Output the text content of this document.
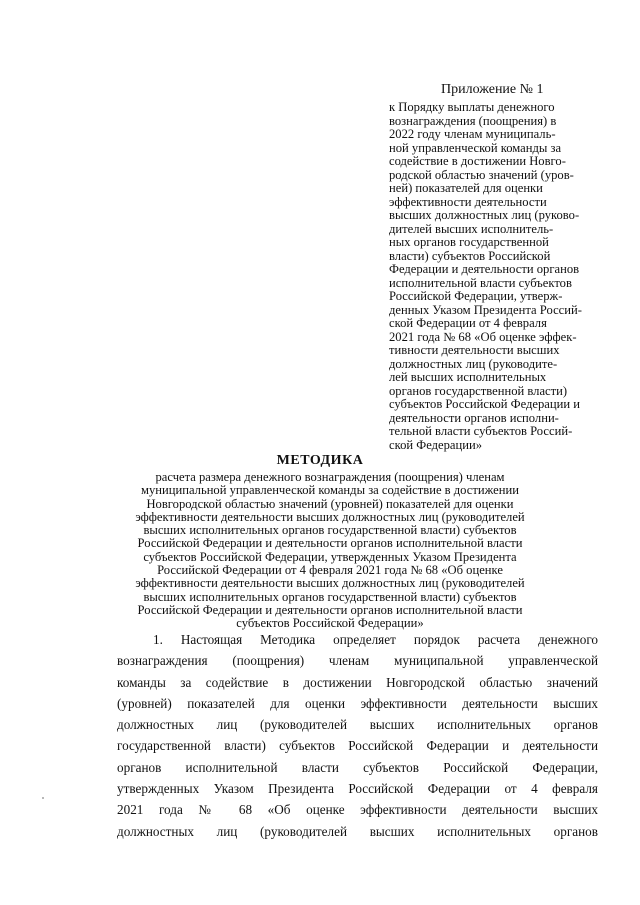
Приложение № 1
к Порядку выплаты денежного
вознаграждения (поощрения) в
2022 году членам муниципаль-
ной управленческой команды за
содействие в достижении Новго-
родской областью значений (уров-
ней) показателей для оценки
эффективности деятельности
высших должностных лиц (руково-
дителей высших исполнитель-
ных органов государственной
власти) субъектов Российской
Федерации и деятельности органов
исполнительной власти субъектов
Российской Федерации, утверж-
денных Указом Президента Россий-
ской Федерации от 4 февраля
2021 года № 68 «Об оценке эффек-
тивности деятельности высших
должностных лиц (руководите-
лей высших исполнительных
органов государственной власти)
субъектов Российской Федерации и
деятельности органов исполни-
тельной власти субъектов Россий-
ской Федерации»
МЕТОДИКА
расчета размера денежного вознаграждения (поощрения) членам
муниципальной управленческой команды за содействие в достижении
Новгородской областью значений (уровней) показателей для оценки
эффективности деятельности высших должностных лиц (руководителей
высших исполнительных органов государственной власти) субъектов
Российской Федерации и деятельности органов исполнительной власти
субъектов Российской Федерации, утвержденных Указом Президента
Российской Федерации от 4 февраля 2021 года № 68 «Об оценке
эффективности деятельности высших должностных лиц (руководителей
высших исполнительных органов государственной власти) субъектов
Российской Федерации и деятельности органов исполнительной власти
субъектов Российской Федерации»
1. Настоящая Методика определяет порядок расчета денежного
вознаграждения (поощрения) членам муниципальной управленческой
команды за содействие в достижении Новгородской областью значений
(уровней) показателей для оценки эффективности деятельности высших
должностных лиц (руководителей высших исполнительных органов
государственной власти) субъектов Российской Федерации и деятельности
органов исполнительной власти субъектов Российской Федерации,
утвержденных Указом Президента Российской Федерации от 4 февраля
2021 года № 68 «Об оценке эффективности деятельности высших
должностных лиц (руководителей высших исполнительных органов
